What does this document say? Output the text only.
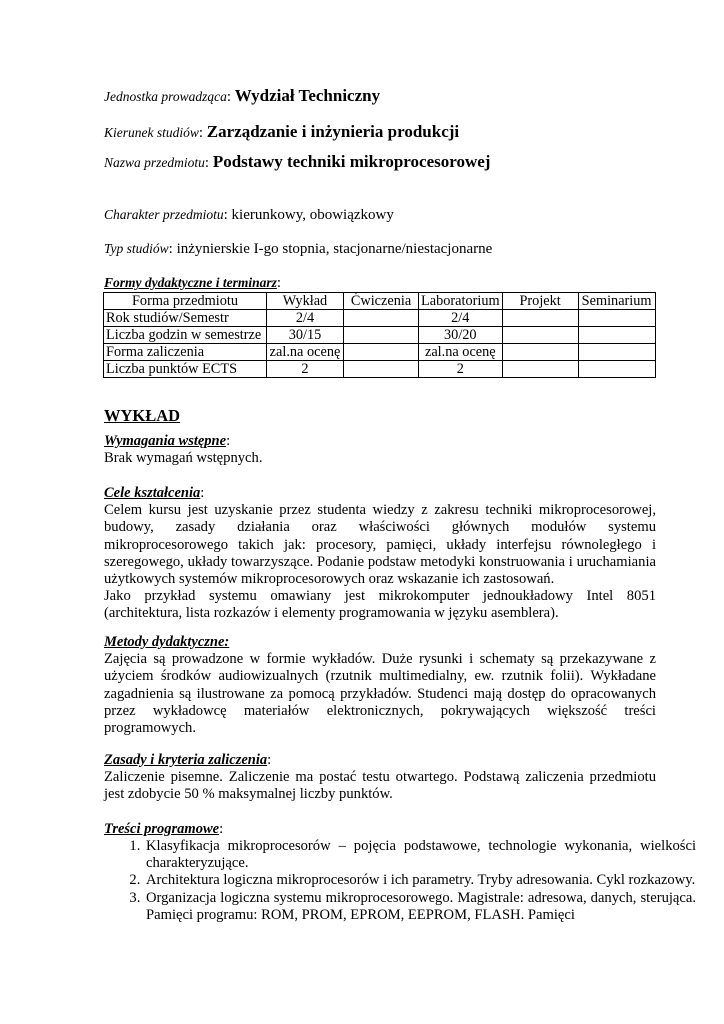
Jednostka prowadząca: Wydział Techniczny
Kierunek studiów: Zarządzanie i inżynieria produkcji
Nazwa przedmiotu: Podstawy techniki mikroprocesorowej
Charakter przedmiotu: kierunkowy, obowiązkowy
Typ studiów: inżynierskie I-go stopnia, stacjonarne/niestacjonarne
Formy dydaktyczne i terminarz:
Forma przedmiotu	Wykład	Ćwiczenia	Laboratorium	Projekt	Seminarium
Rok studiów/Semestr	2/4		2/4		
Liczba godzin w semestrze	30/15		30/20		
Forma zaliczenia	zal.na ocenę		zal.na ocenę		
Liczba punktów ECTS	2		2		
WYKŁAD

Wymagania wstępne:

Brak wymagań wstępnych.

Cele kształcenia:

Celem kursu jest uzyskanie przez studenta wiedzy z zakresu techniki mikroprocesorowej, budowy, zasady działania oraz właściwości głównych modułów systemu mikroprocesorowego takich jak: procesory, pamięci, układy interfejsu równoległego i szeregowego, układy towarzyszące. Podanie podstaw metodyki konstruowania i uruchamiania użytkowych systemów mikroprocesorowych oraz wskazanie ich zastosowań.

Jako przykład systemu omawiany jest mikrokomputer jednoukładowy Intel 8051 (architektura, lista rozkazów i elementy programowania w języku asemblera).

Metody dydaktyczne:

Zajęcia są prowadzone w formie wykładów. Duże rysunki i schematy są przekazywane z użyciem środków audiowizualnych (rzutnik multimedialny, ew. rzutnik folii). Wykładane zagadnienia są ilustrowane za pomocą przykładów. Studenci mają dostęp do opracowanych przez wykładowcę materiałów elektronicznych, pokrywających większość treści programowych.

Zasady i kryteria zaliczenia:

Zaliczenie pisemne. Zaliczenie ma postać testu otwartego. Podstawą zaliczenia przedmiotu jest zdobycie 50 % maksymalnej liczby punktów.

Treści programowe:

1. Klasyfikacja mikroprocesorów – pojęcia podstawowe, technologie wykonania, wielkości charakteryzujące.
2. Architektura logiczna mikroprocesorów i ich parametry. Tryby adresowania. Cykl rozkazowy.
3. Organizacja logiczna systemu mikroprocesorowego. Magistrale: adresowa, danych, sterująca. Pamięci programu: ROM, PROM, EPROM, EEPROM, FLASH. Pamięci
